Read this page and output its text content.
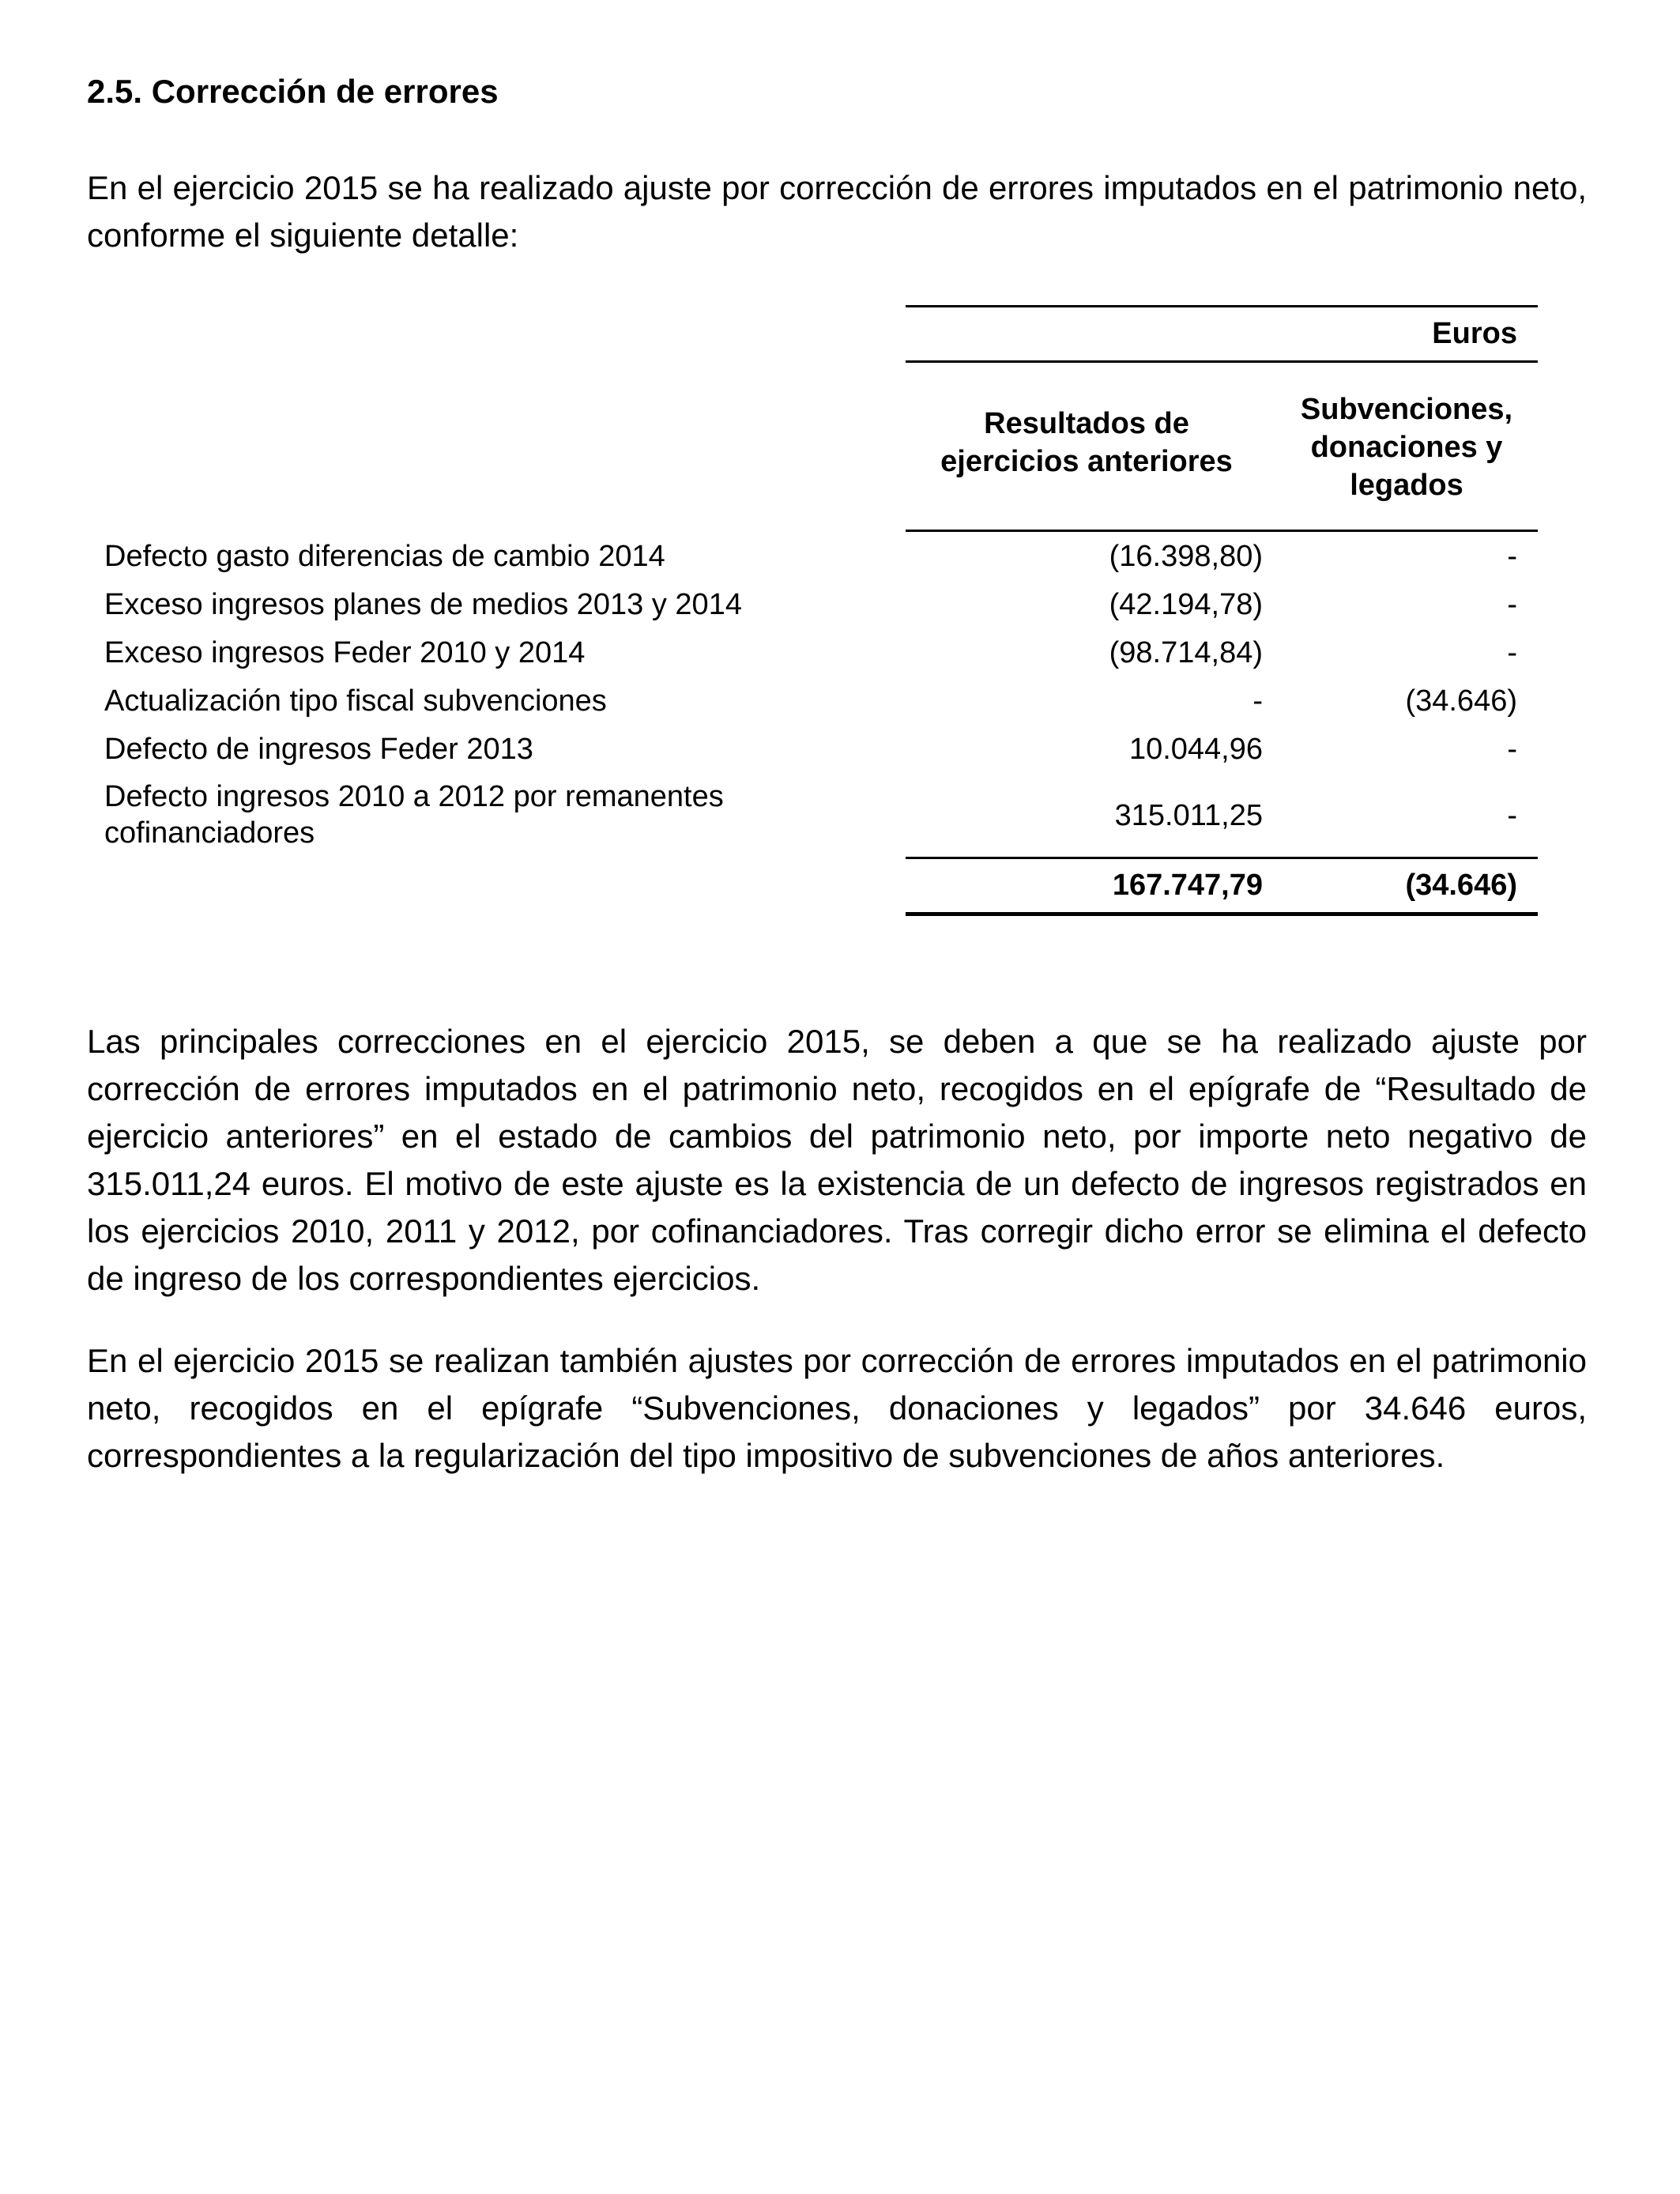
2.5. Corrección de errores

En el ejercicio 2015 se ha realizado ajuste por corrección de errores imputados en el patrimonio neto, conforme el siguiente detalle:

Euros
Resultados de ejercicios anteriores
Subvenciones, donaciones y legados
Defecto gasto diferencias de cambio 2014	(16.398,80)	-
Exceso ingresos planes de medios 2013 y 2014	(42.194,78)	-
Exceso ingresos Feder 2010 y 2014	(98.714,84)	-
Actualización tipo fiscal subvenciones	-	(34.646)
Defecto de ingresos Feder 2013	10.044,96	-
Defecto ingresos 2010 a 2012 por remanentes
cofinanciadores
315.011,25	-
167.747,79	(34.646)

Las principales correcciones en el ejercicio 2015, se deben a que se ha realizado ajuste por corrección de errores imputados en el patrimonio neto, recogidos en el epígrafe de “Resultado de ejercicio anteriores” en el estado de cambios del patrimonio neto, por importe neto negativo de 315.011,24 euros. El motivo de este ajuste es la existencia de un defecto de ingresos registrados en los ejercicios 2010, 2011 y 2012, por cofinanciadores. Tras corregir dicho error se elimina el defecto de ingreso de los correspondientes ejercicios.

En el ejercicio 2015 se realizan también ajustes por corrección de errores imputados en el patrimonio neto, recogidos en el epígrafe “Subvenciones, donaciones y legados” por 34.646 euros, correspondientes a la regularización del tipo impositivo de subvenciones de años anteriores.
